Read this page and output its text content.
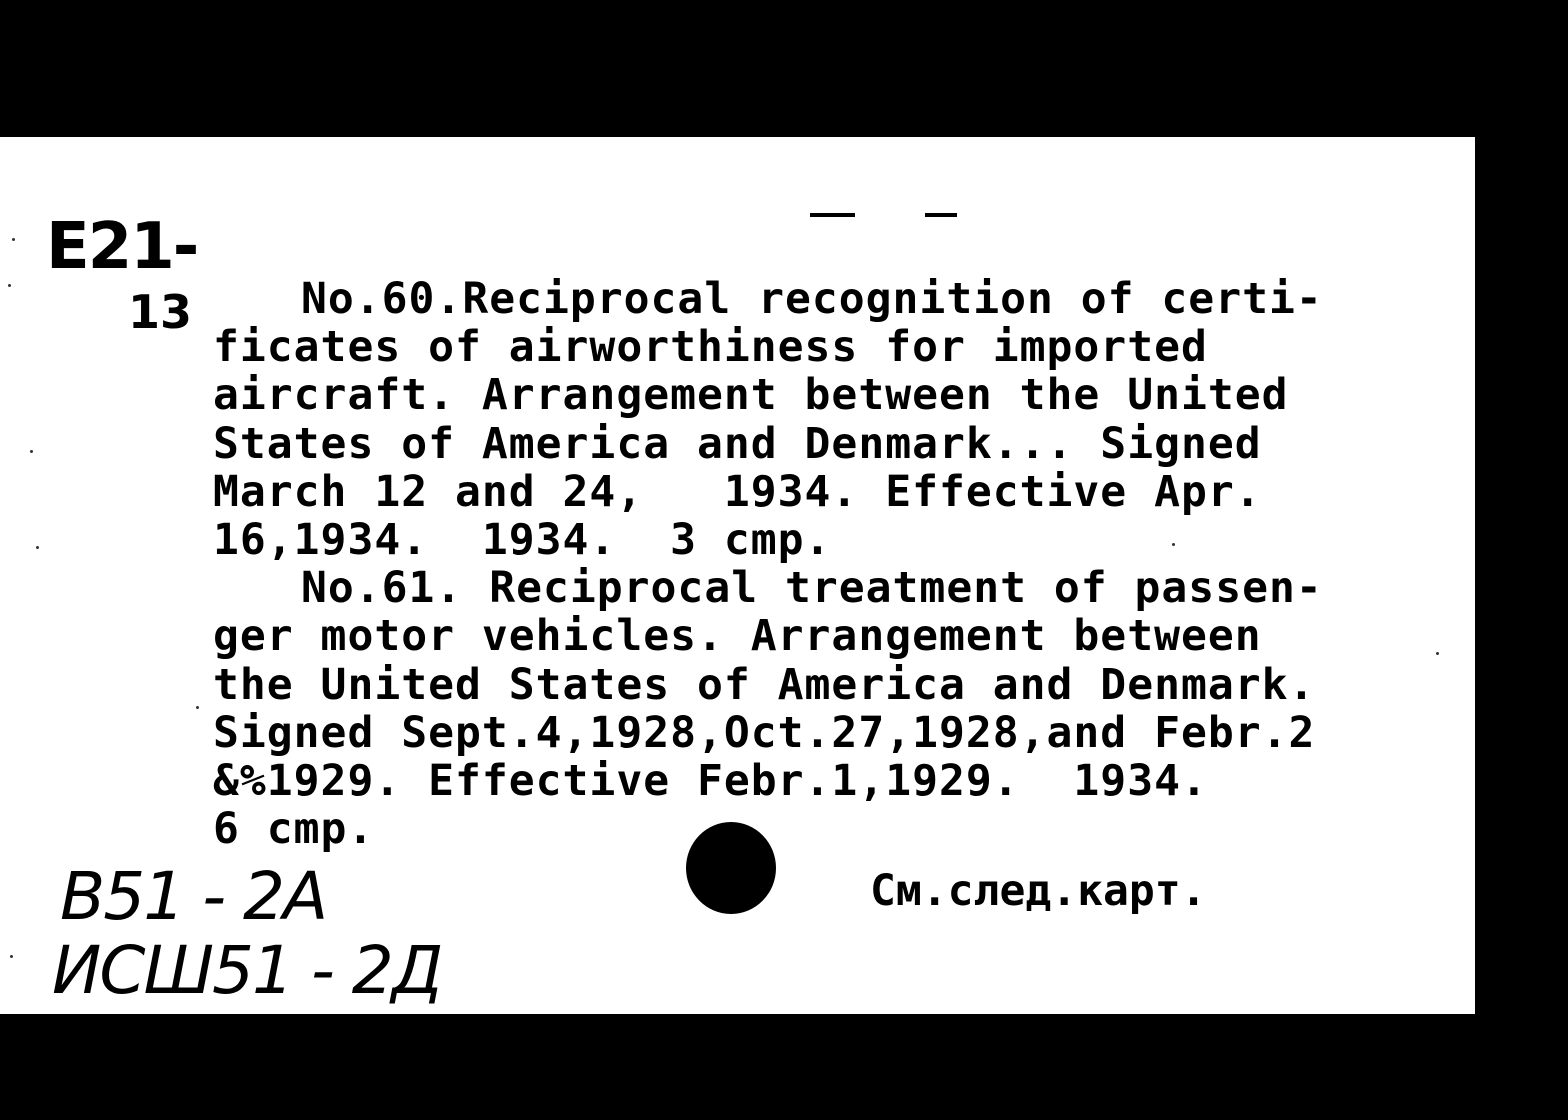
E21-
13	No.60.Reciprocal recognition of certi-
ficates of airworthiness for imported
aircraft. Arrangement between the United
States of America and Denmark... Signed
March 12 and 24,   1934. Effective Apr.
16,1934.  1934.  3 cmp.
No.61. Reciprocal treatment of passen-
ger motor vehicles. Arrangement between
the United States of America and Denmark.
Signed Sept.4,1928,Oct.27,1928,and Febr.2
&%1929. Effective Febr.1,1929.  1934.
6 cmp.
См.след.карт.
B51 - 2A
ИСШ51 - 2Д
